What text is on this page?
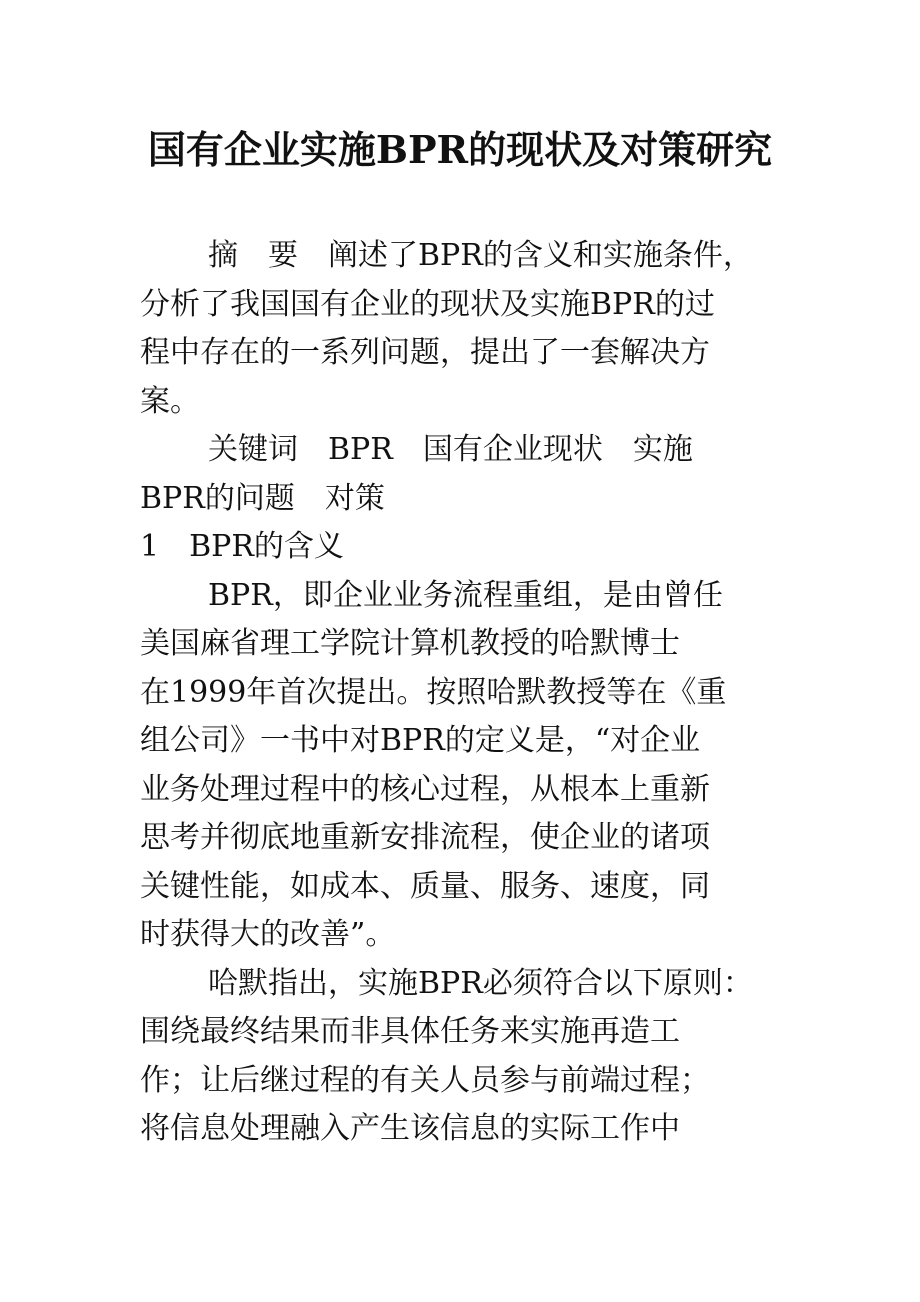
国有企业实施BPR的现状及对策研究
摘　要　阐述了BPR的含义和实施条件，
分析了我国国有企业的现状及实施BPR的过
程中存在的一系列问题，提出了一套解决方
案。
关键词　BPR　国有企业现状　实施
BPR的问题　对策
1　BPR的含义
BPR，即企业业务流程重组，是由曾任
美国麻省理工学院计算机教授的哈默博士
在1999年首次提出。按照哈默教授等在《重
组公司》一书中对BPR的定义是，“对企业
业务处理过程中的核心过程，从根本上重新
思考并彻底地重新安排流程，使企业的诸项
关键性能，如成本、质量、服务、速度，同
时获得大的改善”。
哈默指出，实施BPR必须符合以下原则：
围绕最终结果而非具体任务来实施再造工
作；让后继过程的有关人员参与前端过程；
将信息处理融入产生该信息的实际工作中
